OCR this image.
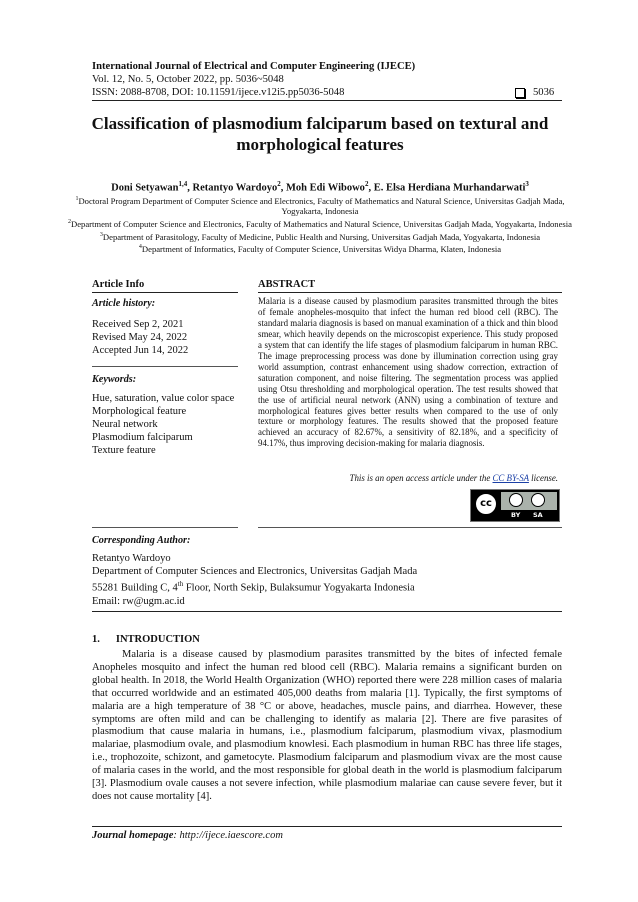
International Journal of Electrical and Computer Engineering (IJECE)
Vol. 12, No. 5, October 2022, pp. 5036~5048
ISSN: 2088-8708, DOI: 10.11591/ijece.v12i5.pp5036-5048	5036
Classification of plasmodium falciparum based on textural and morphological features
Doni Setyawan$^{1,4}$, Retantyo Wardoyo$^2$, Moh Edi Wibowo$^2$, E. Elsa Herdiana Murhandarwati$^3$
$^1$Doctoral Program Department of Computer Science and Electronics, Faculty of Mathematics and Natural Science, Universitas Gadjah Mada, Yogyakarta, Indonesia
$^2$Department of Computer Science and Electronics, Faculty of Mathematics and Natural Science, Universitas Gadjah Mada, Yogyakarta, Indonesia
$^3$Department of Parasitology, Faculty of Medicine, Public Health and Nursing, Universitas Gadjah Mada, Yogyakarta, Indonesia
$^4$Department of Informatics, Faculty of Computer Science, Universitas Widya Dharma, Klaten, Indonesia
Article Info	ABSTRACT
Article history:
Received Sep 2, 2021
Revised May 24, 2022
Accepted Jun 14, 2022
Keywords:
Hue, saturation, value color space
Morphological feature
Neural network
Plasmodium falciparum
Texture feature
Malaria is a disease caused by plasmodium parasites transmitted through the bites of female anopheles-mosquito that infect the human red blood cell (RBC). The standard malaria diagnosis is based on manual examination of a thick and thin blood smear, which heavily depends on the microscopist experience. This study proposed a system that can identify the life stages of plasmodium falciparum in human RBC. The image preprocessing process was done by illumination correction using gray world assumption, contrast enhancement using shadow correction, extraction of saturation component, and noise filtering. The segmentation process was applied using Otsu thresholding and morphological operation. The test results showed that the use of artificial neural network (ANN) using a combination of texture and morphological features gives better results when compared to the use of only texture or morphology features. The results showed that the proposed feature achieved an accuracy of 82.67%, a sensitivity of 82.18%, and a specificity of 94.17%, thus improving decision-making for malaria diagnosis.
This is an open access article under the CC BY-SA license.
cc
BY SA
Corresponding Author:
Retantyo Wardoyo
Department of Computer Sciences and Electronics, Universitas Gadjah Mada
55281 Building C, 4th Floor, North Sekip, Bulaksumur Yogyakarta Indonesia
Email: rw@ugm.ac.id
1. INTRODUCTION

Malaria is a disease caused by plasmodium parasites transmitted by the bites of infected female Anopheles mosquito and infect the human red blood cell (RBC). Malaria remains a significant burden on global health. In 2018, the World Health Organization (WHO) reported there were 228 million cases of malaria that occurred worldwide and an estimated 405,000 deaths from malaria [1]. Typically, the first symptoms of malaria are a high temperature of 38 °C or above, headaches, muscle pains, and diarrhea. However, these symptoms are often mild and can be challenging to identify as malaria [2]. There are five parasites of plasmodium that cause malaria in humans, i.e., plasmodium falciparum, plasmodium vivax, plasmodium malariae, plasmodium ovale, and plasmodium knowlesi. Each plasmodium in human RBC has three life stages, i.e., trophozoite, schizont, and gametocyte. Plasmodium falciparum and plasmodium vivax are the most cause of malaria cases in the world, and the most responsible for global death in the world is plasmodium falciparum [3]. Plasmodium ovale causes a not severe infection, while plasmodium malariae can cause severe fever, but it does not cause mortality [4].

Journal homepage: http://ijece.iaescore.com
